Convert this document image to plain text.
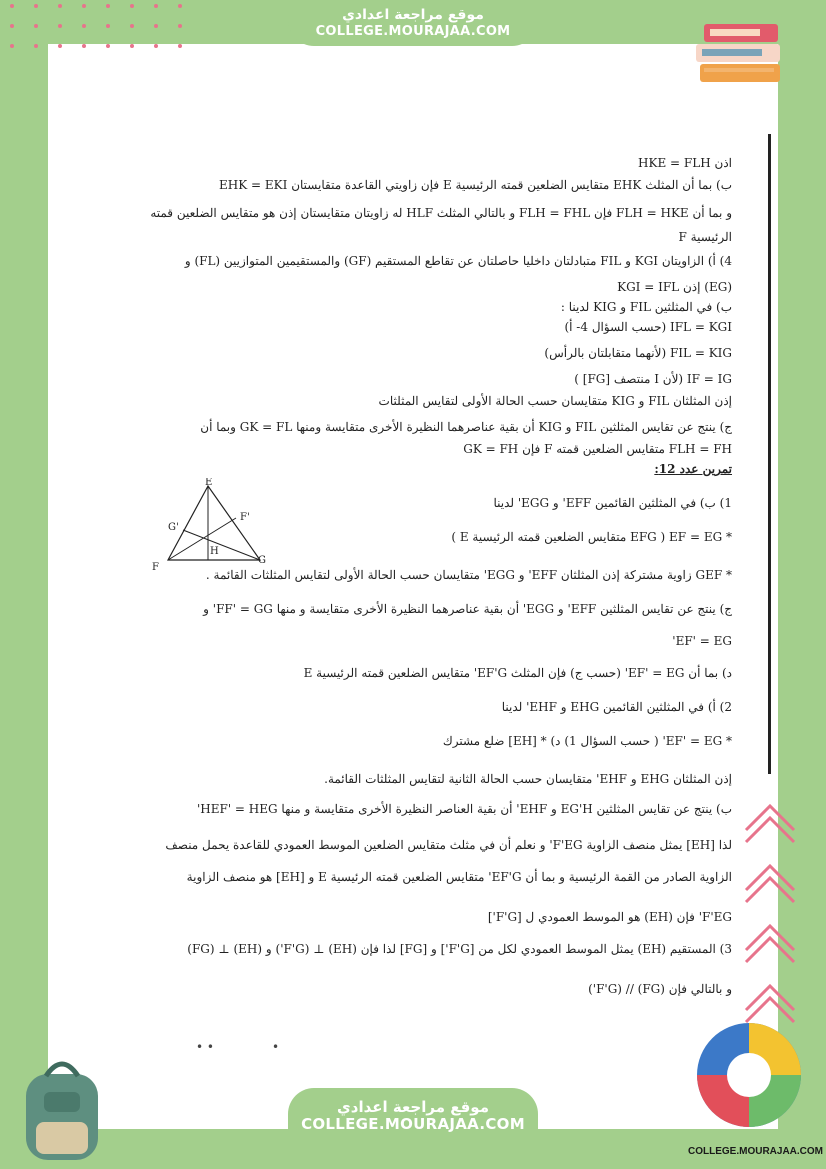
موقع مراجعة اعدادي
COLLEGE.MOURAJAA.COM
اذن HKE = FLH
ب) بما أن المثلث EHK متقايس الضلعين قمته الرئيسية E فإن زاويتي القاعدة متقايستان EHK = EKI
و بما أن FLH = HKE فإن FLH = FHL و بالتالي المثلث HLF له زاويتان متقايستان إذن هو متقايس الضلعين قمته
الرئيسية F
4) أ) الزاويتان KGI و FIL متبادلتان داخليا حاصلتان عن تقاطع المستقيم (GF) والمستقيمين المتوازيين (FL) و
(EG) إذن KGI = IFL
ب) في المثلثين FIL و KIG لدينا :
IFL = KGI (حسب السؤال 4- أ)
FIL = KIG (لأنهما متقابلتان بالرأس)
IF = IG (لأن I منتصف [FG] )
إذن المثلثان FIL و KIG متقايسان حسب الحالة الأولى لتقايس المثلثات
ج) ينتج عن تقايس المثلثين FIL و KIG أن بقية عناصرهما النظيرة الأخرى متقايسة ومنها GK = FL وبما أن
FLH = FH متقايس الضلعين قمته F فإن GK = FH
تمرين عدد 12:
1) ب) في المثلثين القائمين EFF' و EGG' لدينا
* EF = EG ( EFG متقايس الضلعين قمته الرئيسية E )
* GEF زاوية مشتركة إذن المثلثان EFF' و EGG' متقايسان حسب الحالة الأولى لتقايس المثلثات القائمة .
ج) ينتج عن تقايس المثلثين EFF' و EGG' أن بقية عناصرهما النظيرة الأخرى متقايسة و منها FF' = GG' و
EF' = EG'
د) بما أن EF' = EG' (حسب ج) فإن المثلث EF'G' متقايس الضلعين قمته الرئيسية E
2) أ) في المثلثين القائمين EHG و EHF' لدينا
* EF' = EG' ( حسب السؤال 1) د) * [EH] ضلع مشترك
إذن المثلثان EHG و EHF' متقايسان حسب الحالة الثانية لتقايس المثلثات القائمة.
ب) ينتج عن تقايس المثلثين EG'H و EHF' أن بقية العناصر النظيرة الأخرى متقايسة و منها HEF' = HEG'
لذا [EH] يمثل منصف الزاوية F'EG' و نعلم أن في مثلث متقايس الضلعين الموسط العمودي للقاعدة يحمل منصف
الزاوية الصادر من القمة الرئيسية و بما أن EF'G' متقايس الضلعين قمته الرئيسية E و [EH] هو منصف الزاوية
F'EG' فإن (EH) هو الموسط العمودي ل [F'G']
3) المستقيم (EH) يمثل الموسط العمودي لكل من [F'G'] و [FG] لذا فإن (EH) ⊥ (F'G') و (EH) ⊥ (FG)
و بالتالي فإن (FG) // (F'G')
E
G'
F'
H
F
G
• •	•
موقع مراجعة اعدادي
COLLEGE.MOURAJAA.COM
COLLEGE.MOURAJAA.COM
